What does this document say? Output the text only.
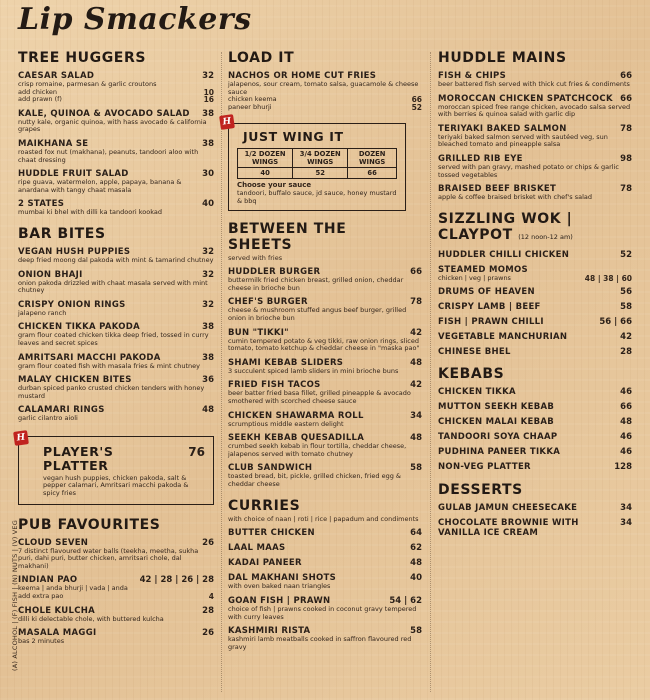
Lip Smackers
(A) ALCOHOL | (F) FISH | (N) NUTS | (V) VEG
TREE HUGGERS
CAESAR SALAD	32
crisp romaine, parmesan & garlic croutons
add chicken	10
add prawn (f)	16
KALE, QUINOA & AVOCADO SALAD 38
nutty kale, organic quinoa, with hass avocado & california grapes
MAIKHANA SE	38
roasted fox nut (makhana), peanuts, tandoori aloo with chaat dressing
HUDDLE FRUIT SALAD	30
ripe guava, watermelon, apple, papaya, banana & anardana with tangy chaat masala
2 STATES	40
mumbai ki bhel with dilli ka tandoori kookad
BAR BITES
VEGAN HUSH PUPPIES	32
deep fried moong dal pakoda with mint & tamarind chutney
ONION BHAJI	32
onion pakoda drizzled with chaat masala served with mint chutney
CRISPY ONION RINGS	32
jalapeno ranch
CHICKEN TIKKA PAKODA	38
gram flour coated chicken tikka deep fried, tossed in curry leaves and secret spices
AMRITSARI MACCHI PAKODA	38
gram flour coated fish with masala fries & mint chutney
MALAY CHICKEN BITES	36
durban spiced panko crusted chicken tenders with honey mustard
CALAMARI RINGS	48
garlic cilantro aioli
H
PLAYER'S PLATTER
76
vegan hush puppies, chicken pakoda, salt & pepper calamari, Amritsari macchi pakoda & spicy fries
PUB FAVOURITES
CLOUD SEVEN	26
7 distinct flavoured water balls (teekha, meetha, sukha puri, dahi puri, butter chicken, amritsari chole, dal makhani)
INDIAN PAO	42 | 28 | 26 | 28
keema | anda bhurji | vada | anda
add extra pao	4
CHOLE KULCHA	28
dilli ki delectable chole, with buttered kulcha
MASALA MAGGI	26
bas 2 minutes
LOAD IT
NACHOS OR HOME CUT FRIES
jalapenos, sour cream, tomato salsa, guacamole & cheese sauce
chicken keema	66
paneer bhurji	52
H
JUST WING IT
1/2 DOZEN WINGS	3/4 DOZEN WINGS	DOZEN WINGS
40	52	66
Choose your sauce
tandoori, buffalo sauce, jd sauce, honey mustard & bbq
BETWEEN THE SHEETS
served with fries
HUDDLER BURGER	66
buttermilk fried chicken breast, grilled onion, cheddar cheese in brioche bun
CHEF'S BURGER	78
cheese & mushroom stuffed angus beef burger, grilled onion in brioche bun
BUN "TIKKI"	42
cumin tempered potato & veg tikki, raw onion rings, sliced tomato, tomato ketchup & cheddar cheese in "maska pao"
SHAMI KEBAB SLIDERS	48
3 succulent spiced lamb sliders in mini brioche buns
FRIED FISH TACOS	42
beer batter fried basa fillet, grilled pineapple & avocado smothered with scorched cheese sauce
CHICKEN SHAWARMA ROLL	34
scrumptious middle eastern delight
SEEKH KEBAB QUESADILLA	48
crumbed seekh kebab in flour tortilla, cheddar cheese, jalapenos served with tomato chutney
CLUB SANDWICH	58
toasted bread, bit, pickle, grilled chicken, fried egg & cheddar cheese
CURRIES
with choice of naan | roti | rice | papadum and condiments
BUTTER CHICKEN	64
LAAL MAAS	62
KADAI PANEER	48
DAL MAKHANI SHOTS	40
with oven baked naan triangles
GOAN FISH | PRAWN	54 | 62
choice of fish | prawns cooked in coconut gravy tempered with curry leaves
KASHMIRI RISTA	58
kashmiri lamb meatballs cooked in saffron flavoured red gravy
HUDDLE MAINS
FISH & CHIPS	66
beer battered fish served with thick cut fries & condiments
MOROCCAN CHICKEN SPATCHCOCK 66
moroccan spiced free range chicken, avocado salsa served with berries & quinoa salad with garlic dip
TERIYAKI BAKED SALMON	78
teriyaki baked salmon served with sautéed veg, sun bleached tomato and pineapple salsa
GRILLED RIB EYE	98
served with pan gravy, mashed potato or chips & garlic tossed vegetables
BRAISED BEEF BRISKET	78
apple & coffee braised brisket with chef's salad
SIZZLING WOK | CLAYPOT (12 noon-12 am)
HUDDLER CHILLI CHICKEN	52
STEAMED MOMOS
chicken | veg | prawns	48 | 38 | 60
DRUMS OF HEAVEN	56
CRISPY LAMB | BEEF	58
FISH | PRAWN CHILLI	56 | 66
VEGETABLE MANCHURIAN	42
CHINESE BHEL	28
KEBABS
CHICKEN TIKKA	46
MUTTON SEEKH KEBAB	66
CHICKEN MALAI KEBAB	48
TANDOORI SOYA CHAAP	46
PUDHINA PANEER TIKKA	46
NON-VEG PLATTER	128
DESSERTS
GULAB JAMUN CHEESECAKE	34
CHOCOLATE BROWNIE WITH VANILLA ICE CREAM
34
